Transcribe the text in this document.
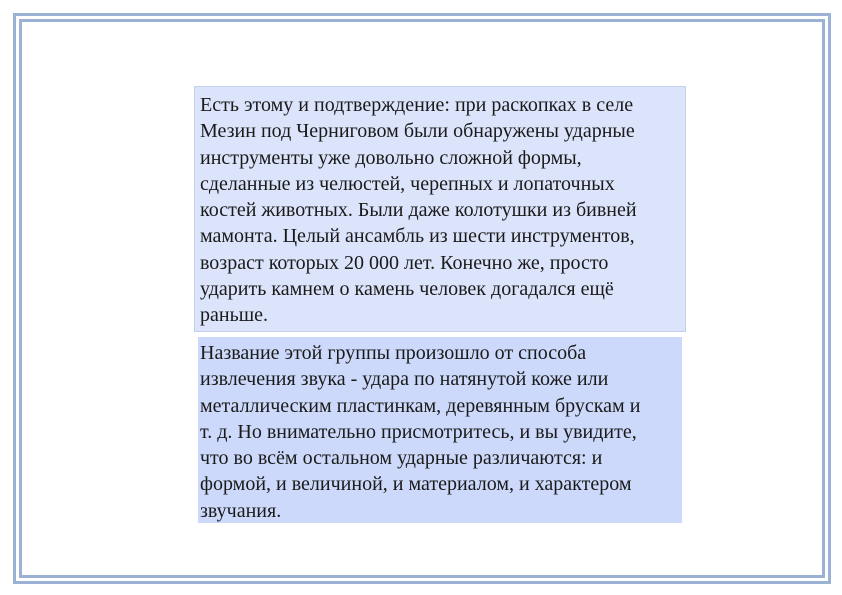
Есть этому и подтверждение: при раскопках в селе
Мезин под Черниговом были обнаружены ударные
инструменты уже довольно сложной формы,
сделанные из челюстей, черепных и лопаточных
костей животных. Были даже колотушки из бивней
мамонта. Целый ансамбль из шести инструментов,
возраст которых 20 000 лет. Конечно же, просто
ударить камнем о камень человек догадался ещё
раньше.
Название этой группы произошло от способа
извлечения звука - удара по натянутой коже или
металлическим пластинкам, деревянным брускам и
т. д. Но внимательно присмотритесь, и вы увидите,
что во всём остальном ударные различаются: и
формой, и величиной, и материалом, и характером
звучания.
